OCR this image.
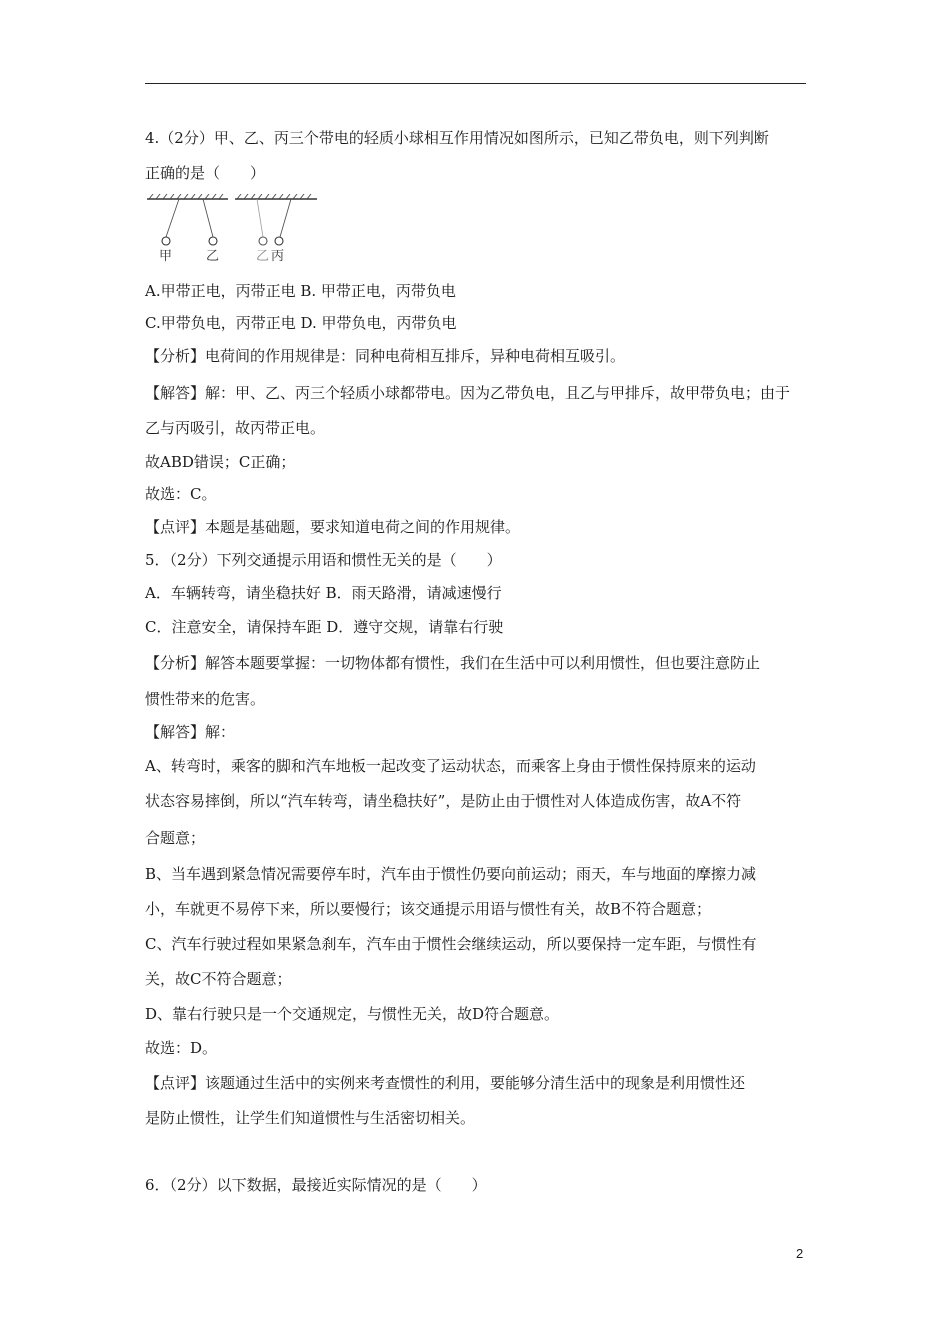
4.（2分）甲、乙、丙三个带电的轻质小球相互作用情况如图所示，已知乙带负电，则下列判断
正确的是（　　）
甲	乙	乙 丙
A.甲带正电，丙带正电 B. 甲带正电，丙带负电
C.甲带负电，丙带正电 D. 甲带负电，丙带负电
【分析】电荷间的作用规律是：同种电荷相互排斥，异种电荷相互吸引。
【解答】解：甲、乙、丙三个轻质小球都带电。因为乙带负电，且乙与甲排斥，故甲带负电；由于
乙与丙吸引，故丙带正电。
故ABD错误；C正确；
故选：C。
【点评】本题是基础题，要求知道电荷之间的作用规律。
5．（2分）下列交通提示用语和惯性无关的是（　　）
A．车辆转弯，请坐稳扶好 B．雨天路滑，请减速慢行
C．注意安全，请保持车距 D．遵守交规，请靠右行驶
【分析】解答本题要掌握：一切物体都有惯性，我们在生活中可以利用惯性，但也要注意防止
惯性带来的危害。
【解答】解：
A、转弯时，乘客的脚和汽车地板一起改变了运动状态，而乘客上身由于惯性保持原来的运动
状态容易摔倒，所以“汽车转弯，请坐稳扶好”，是防止由于惯性对人体造成伤害，故A不符
合题意；
B、当车遇到紧急情况需要停车时，汽车由于惯性仍要向前运动；雨天，车与地面的摩擦力减
小，车就更不易停下来，所以要慢行；该交通提示用语与惯性有关，故B不符合题意；
C、汽车行驶过程如果紧急刹车，汽车由于惯性会继续运动，所以要保持一定车距，与惯性有
关，故C不符合题意；
D、靠右行驶只是一个交通规定，与惯性无关，故D符合题意。
故选：D。
【点评】该题通过生活中的实例来考查惯性的利用，要能够分清生活中的现象是利用惯性还
是防止惯性，让学生们知道惯性与生活密切相关。
6．（2分）以下数据，最接近实际情况的是（　　）
2
